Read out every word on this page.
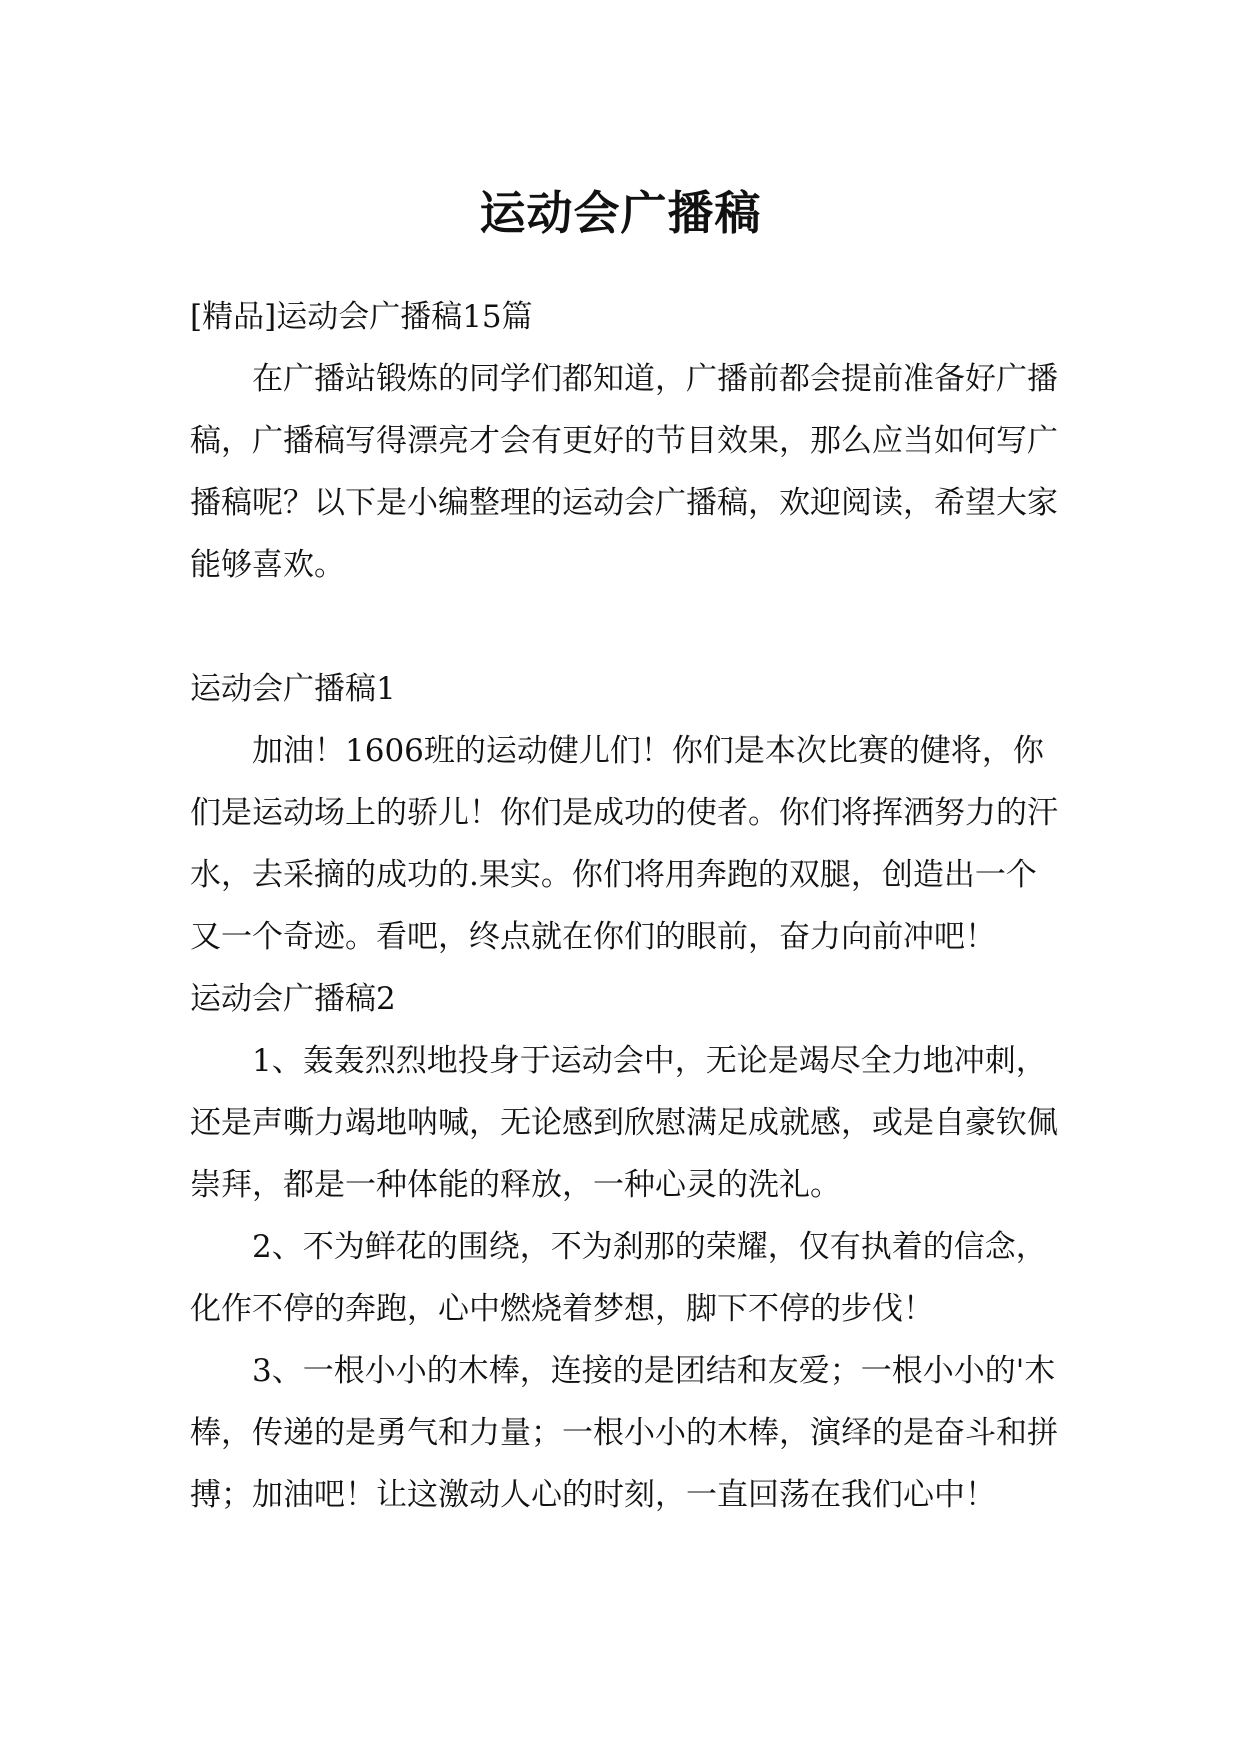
运动会广播稿

[精品]运动会广播稿15篇

在广播站锻炼的同学们都知道，广播前都会提前准备好广播稿，广播稿写得漂亮才会有更好的节目效果，那么应当如何写广播稿呢？以下是小编整理的运动会广播稿，欢迎阅读，希望大家能够喜欢。

运动会广播稿1

加油！1606班的运动健儿们！你们是本次比赛的健将，你们是运动场上的骄儿！你们是成功的使者。你们将挥洒努力的汗水，去采摘的成功的.果实。你们将用奔跑的双腿，创造出一个又一个奇迹。看吧，终点就在你们的眼前，奋力向前冲吧！

运动会广播稿2

1、轰轰烈烈地投身于运动会中，无论是竭尽全力地冲刺，还是声嘶力竭地呐喊，无论感到欣慰满足成就感，或是自豪钦佩崇拜，都是一种体能的释放，一种心灵的洗礼。

2、不为鲜花的围绕，不为刹那的荣耀，仅有执着的信念，化作不停的奔跑，心中燃烧着梦想，脚下不停的步伐！

3、一根小小的木棒，连接的是团结和友爱；一根小小的'木棒，传递的是勇气和力量；一根小小的木棒，演绎的是奋斗和拼搏；加油吧！让这激动人心的时刻，一直回荡在我们心中！
